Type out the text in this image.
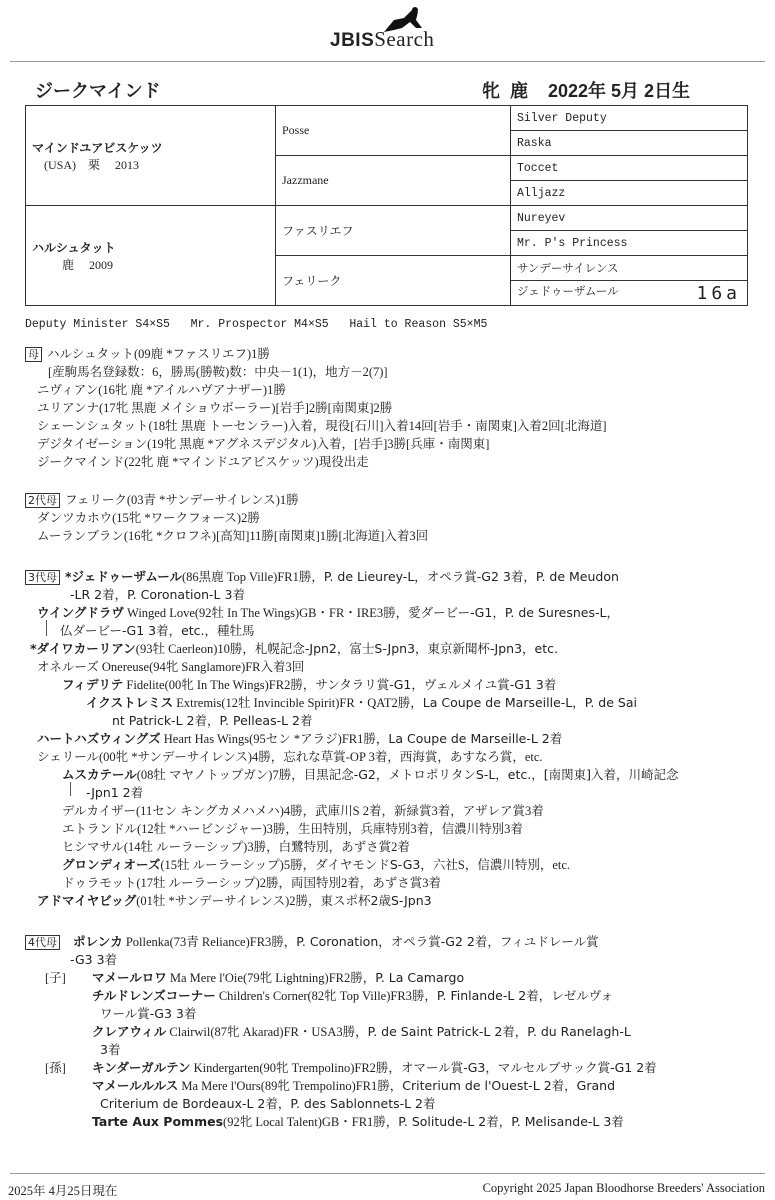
JBISSearch
ジークマインド	牝  鹿    2022年 5月 2日生
マインドユアビスケッツ
(USA)    栗     2013	Posse	Silver Deputy
		Raska
	Jazzmane	Toccet
		Alljazz

ハルシュタット
鹿     2009	ファスリエフ	Nureyev
		Mr. P's Princess
	フェリーク	サンデーサイレンス
		ジェドゥーザムール 16a
Deputy Minister S4×S5   Mr. Prospector M4×S5   Hail to Reason S5×M5
母 ハルシュタット(09鹿 *ファスリエフ)1勝
[産駒馬名登録数：6，勝馬(勝鞍)数：中央－1(1)，地方－2(7)]
ニヴィアン(16牝 鹿 *アイルハヴアナザー)1勝
ユリアンナ(17牝 黒鹿 メイショウボーラー)[岩手]2勝[南関東]2勝
シェーンシュタット(18牡 黒鹿 トーセンラー)入着，現役[石川]入着14回[岩手・南関東]入着2回[北海道]
デジタイゼーション(19牝 黒鹿 *アグネスデジタル)入着，[岩手]3勝[兵庫・南関東]
ジークマインド(22牝 鹿 *マインドユアビスケッツ)現役出走
2代母 フェリーク(03青 *サンデーサイレンス)1勝
ダンツカホウ(15牝 *ワークフォース)2勝
ムーランブラン(16牝 *クロフネ)[高知]11勝[南関東]1勝[北海道]入着3回
3代母 *ジェドゥーザムール(86黒鹿 Top Ville)FR1勝，P. de Lieurey-L，オペラ賞-G2 3着，P. de Meudon
-LR 2着，P. Coronation-L 3着
ウイングドラヴ Winged Love(92牡 In The Wings)GB・FR・IRE3勝，愛ダービー-G1，P. de Suresnes-L，
仏ダービー-G1 3着，etc.，種牡馬
*ダイワカーリアン(93牡 Caerleon)10勝，札幌記念-Jpn2，富士S-Jpn3，東京新聞杯-Jpn3，etc.
オネルーズ Onereuse(94牝 Sanglamore)FR入着3回
フィデリテ Fidelite(00牝 In The Wings)FR2勝，サンタラリ賞-G1，ヴェルメイユ賞-G1 3着
イクストレミス Extremis(12牡 Invincible Spirit)FR・QAT2勝，La Coupe de Marseille-L，P. de Sai
nt Patrick-L 2着，P. Pelleas-L 2着
ハートハズウィングズ Heart Has Wings(95セン *アラジ)FR1勝，La Coupe de Marseille-L 2着
シェリール(00牝 *サンデーサイレンス)4勝，忘れな草賞-OP 3着，西海賞，あすなろ賞，etc.
ムスカテール(08牡 マヤノトップガン)7勝，目黒記念-G2，メトロポリタンS-L，etc.，[南関東]入着，川崎記念
-Jpn1 2着
デルカイザー(11セン キングカメハメハ)4勝，武庫川S 2着，新緑賞3着，アザレア賞3着
エトランドル(12牡 *ハービンジャー)3勝，生田特別，兵庫特別3着，信濃川特別3着
ヒシマサル(14牡 ルーラーシップ)3勝，白鷺特別，あずさ賞2着
グロンディオーズ(15牡 ルーラーシップ)5勝，ダイヤモンドS-G3，六社S，信濃川特別，etc.
ドゥラモット(17牡 ルーラーシップ)2勝，両国特別2着，あずさ賞3着
アドマイヤビッグ(01牡 *サンデーサイレンス)2勝，東スポ杯2歳S-Jpn3
4代母 ポレンカ Pollenka(73青 Reliance)FR3勝，P. Coronation，オペラ賞-G2 2着，フィユドレール賞
-G3 3着
[子] マメールロワ Ma Mere l'Oie(79牝 Lightning)FR2勝，P. La Camargo
チルドレンズコーナー Children's Corner(82牝 Top Ville)FR3勝，P. Finlande-L 2着，レゼルヴォ
ワール賞-G3 3着
クレアウィル Clairwil(87牝 Akarad)FR・USA3勝，P. de Saint Patrick-L 2着，P. du Ranelagh-L
3着
[孫] キンダーガルテン Kindergarten(90牝 Trempolino)FR2勝，オマール賞-G3，マルセルブサック賞-G1 2着
マメールルルス Ma Mere l'Ours(89牝 Trempolino)FR1勝，Criterium de l'Ouest-L 2着，Grand
Criterium de Bordeaux-L 2着，P. des Sablonnets-L 2着
Tarte Aux Pommes(92牝 Local Talent)GB・FR1勝，P. Solitude-L 2着，P. Melisande-L 3着
2025年 4月25日現在	Copyright 2025 Japan Bloodhorse Breeders' Association
